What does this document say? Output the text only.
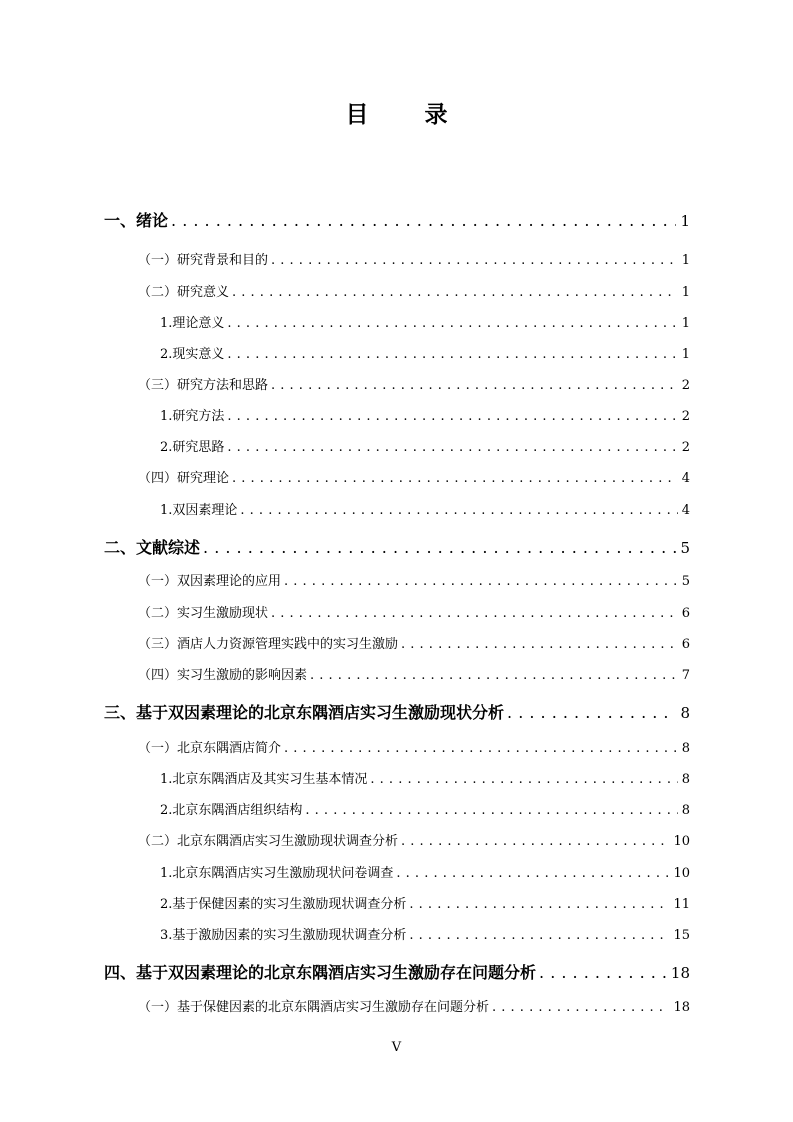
目 录
一、绪论 . . .	1
（一）研究背景和目的 . . .	1
（二）研究意义 . . .	1
1.理论意义 . . .	1
2.现实意义 . . .	1
（三）研究方法和思路 . . .	2
1.研究方法 . . .	2
2.研究思路 . . .	2
（四）研究理论 . . .	4
1.双因素理论 . . .	4
二、文献综述 . . .	5
（一）双因素理论的应用 . . .	5
（二）实习生激励现状 . . .	6
（三）酒店人力资源管理实践中的实习生激励 . . .	6
（四）实习生激励的影响因素 . . .	7
三、基于双因素理论的北京东隅酒店实习生激励现状分析 . . .	8
（一）北京东隅酒店简介 . . .	8
1.北京东隅酒店及其实习生基本情况 . . .	8
2.北京东隅酒店组织结构 . . .	8
（二）北京东隅酒店实习生激励现状调查分析 . . .	10
1.北京东隅酒店实习生激励现状问卷调查 . . .	10
2.基于保健因素的实习生激励现状调查分析 . . .	11
3.基于激励因素的实习生激励现状调查分析 . . .	15
四、基于双因素理论的北京东隅酒店实习生激励存在问题分析 . . .	18
（一）基于保健因素的北京东隅酒店实习生激励存在问题分析 . . .	18
V
